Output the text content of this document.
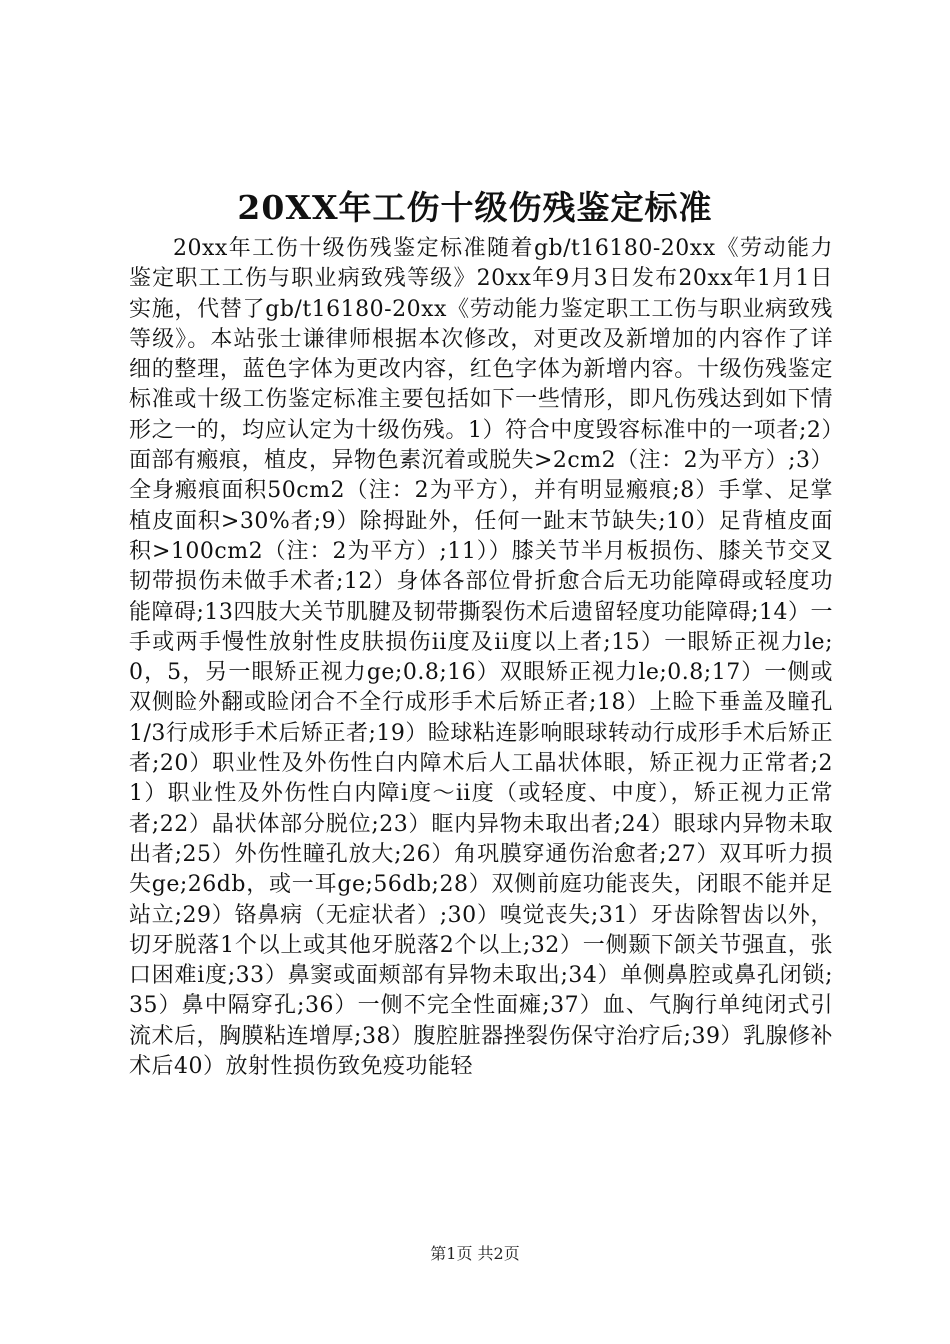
20XX年工伤十级伤残鉴定标准

20xx年工伤十级伤残鉴定标准随着gb/t16180-20xx《劳动能力鉴定职工工伤与职业病致残等级》20xx年9月3日发布20xx年1月1日实施，代替了gb/t16180-20xx《劳动能力鉴定职工工伤与职业病致残等级》。本站张士谦律师根据本次修改，对更改及新增加的内容作了详细的整理，蓝色字体为更改内容，红色字体为新增内容。十级伤残鉴定标准或十级工伤鉴定标准主要包括如下一些情形，即凡伤残达到如下情形之一的，均应认定为十级伤残。1）符合中度毁容标准中的一项者;2）面部有瘢痕，植皮，异物色素沉着或脱失>2cm2（注：2为平方）;3）全身瘢痕面积50cm2（注：2为平方），并有明显瘢痕;8）手掌、足掌植皮面积>30%者;9）除拇趾外，任何一趾末节缺失;10）足背植皮面积>100cm2（注：2为平方）;11））膝关节半月板损伤、膝关节交叉韧带损伤未做手术者;12）身体各部位骨折愈合后无功能障碍或轻度功能障碍;13四肢大关节肌腱及韧带撕裂伤术后遗留轻度功能障碍;14）一手或两手慢性放射性皮肤损伤ii度及ii度以上者;15）一眼矫正视力le;0，5，另一眼矫正视力ge;0.8;16）双眼矫正视力le;0.8;17）一侧或双侧睑外翻或睑闭合不全行成形手术后矫正者;18）上睑下垂盖及瞳孔1/3行成形手术后矫正者;19）睑球粘连影响眼球转动行成形手术后矫正者;20）职业性及外伤性白内障术后人工晶状体眼，矫正视力正常者;21）职业性及外伤性白内障i度～ii度（或轻度、中度），矫正视力正常者;22）晶状体部分脱位;23）眶内异物未取出者;24）眼球内异物未取出者;25）外伤性瞳孔放大;26）角巩膜穿通伤治愈者;27）双耳听力损失ge;26db，或一耳ge;56db;28）双侧前庭功能丧失，闭眼不能并足站立;29）铬鼻病（无症状者）;30）嗅觉丧失;31）牙齿除智齿以外，切牙脱落1个以上或其他牙脱落2个以上;32）一侧颞下颌关节强直，张口困难i度;33）鼻窦或面颊部有异物未取出;34）单侧鼻腔或鼻孔闭锁;35）鼻中隔穿孔;36）一侧不完全性面瘫;37）血、气胸行单纯闭式引流术后，胸膜粘连增厚;38）腹腔脏器挫裂伤保守治疗后;39）乳腺修补术后40）放射性损伤致免疫功能轻

第1页 共2页
